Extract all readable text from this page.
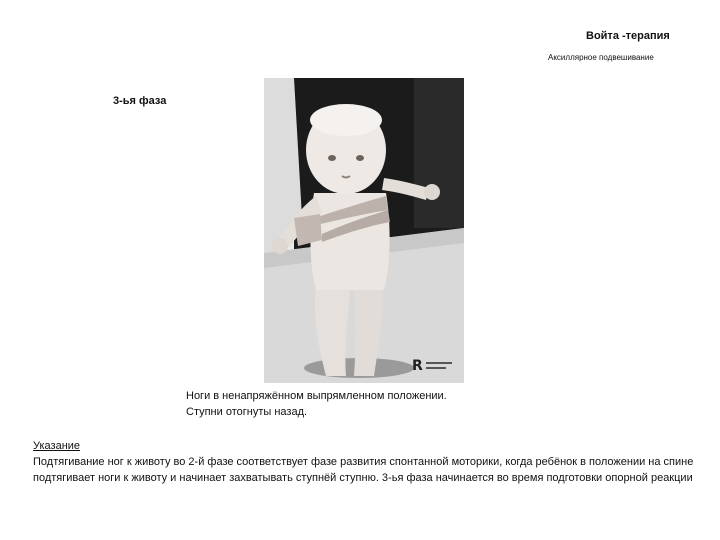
Войта -терапия
Аксиллярное подвешивание
3-ья фаза
R
Ноги в ненапряжённом выпрямленном положении.
Ступни отогнуты назад.
Указание
Подтягивание ног к животу во 2-й фазе соответствует фазе развития спонтанной моторики, когда ребёнок в положении на спине подтягивает ноги к животу и начинает захватывать ступнёй ступню. 3-ья фаза начинается во время подготовки опорной реакции
